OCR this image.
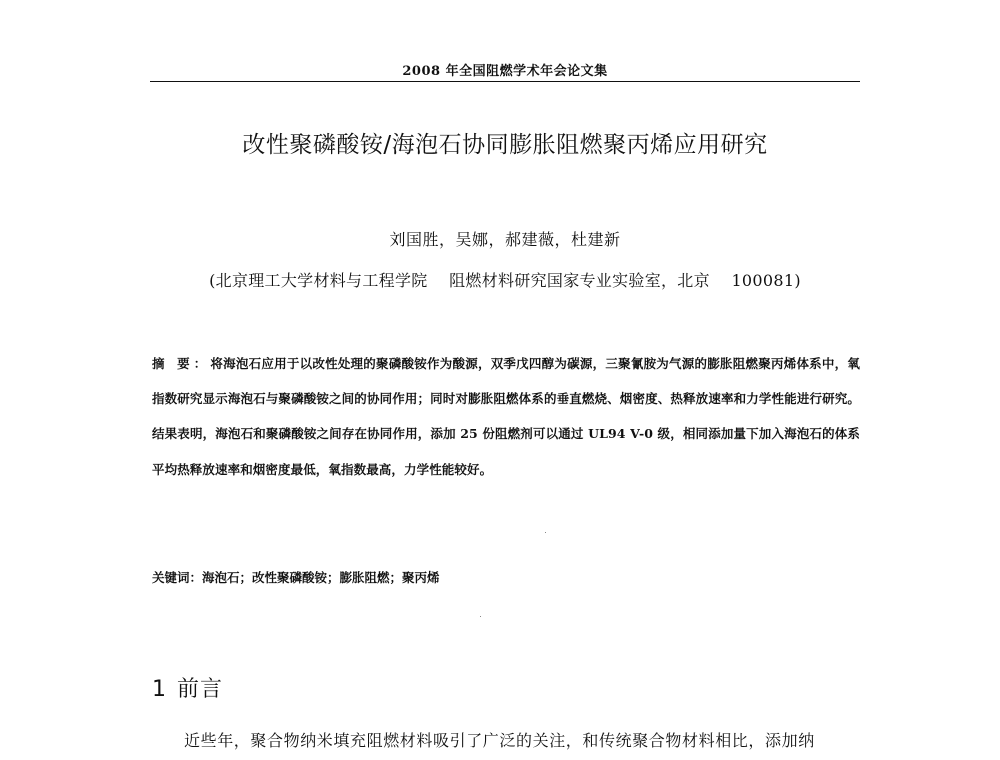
2008 年全国阻燃学术年会论文集
改性聚磷酸铵/海泡石协同膨胀阻燃聚丙烯应用研究
刘国胜，吴娜，郝建薇，杜建新
(北京理工大学材料与工程学院    阻燃材料研究国家专业实验室，北京    100081)
摘 要：将海泡石应用于以改性处理的聚磷酸铵作为酸源，双季戊四醇为碳源，三聚氰胺为气源的膨胀阻燃聚丙烯体系中，氧指数研究显示海泡石与聚磷酸铵之间的协同作用；同时对膨胀阻燃体系的垂直燃烧、烟密度、热释放速率和力学性能进行研究。结果表明，海泡石和聚磷酸铵之间存在协同作用，添加 25 份阻燃剂可以通过 UL94 V-0 级，相同添加量下加入海泡石的体系平均热释放速率和烟密度最低，氧指数最高，力学性能较好。
关键词：海泡石；改性聚磷酸铵；膨胀阻燃；聚丙烯
1 前言
近些年，聚合物纳米填充阻燃材料吸引了广泛的关注，和传统聚合物材料相比，添加纳
